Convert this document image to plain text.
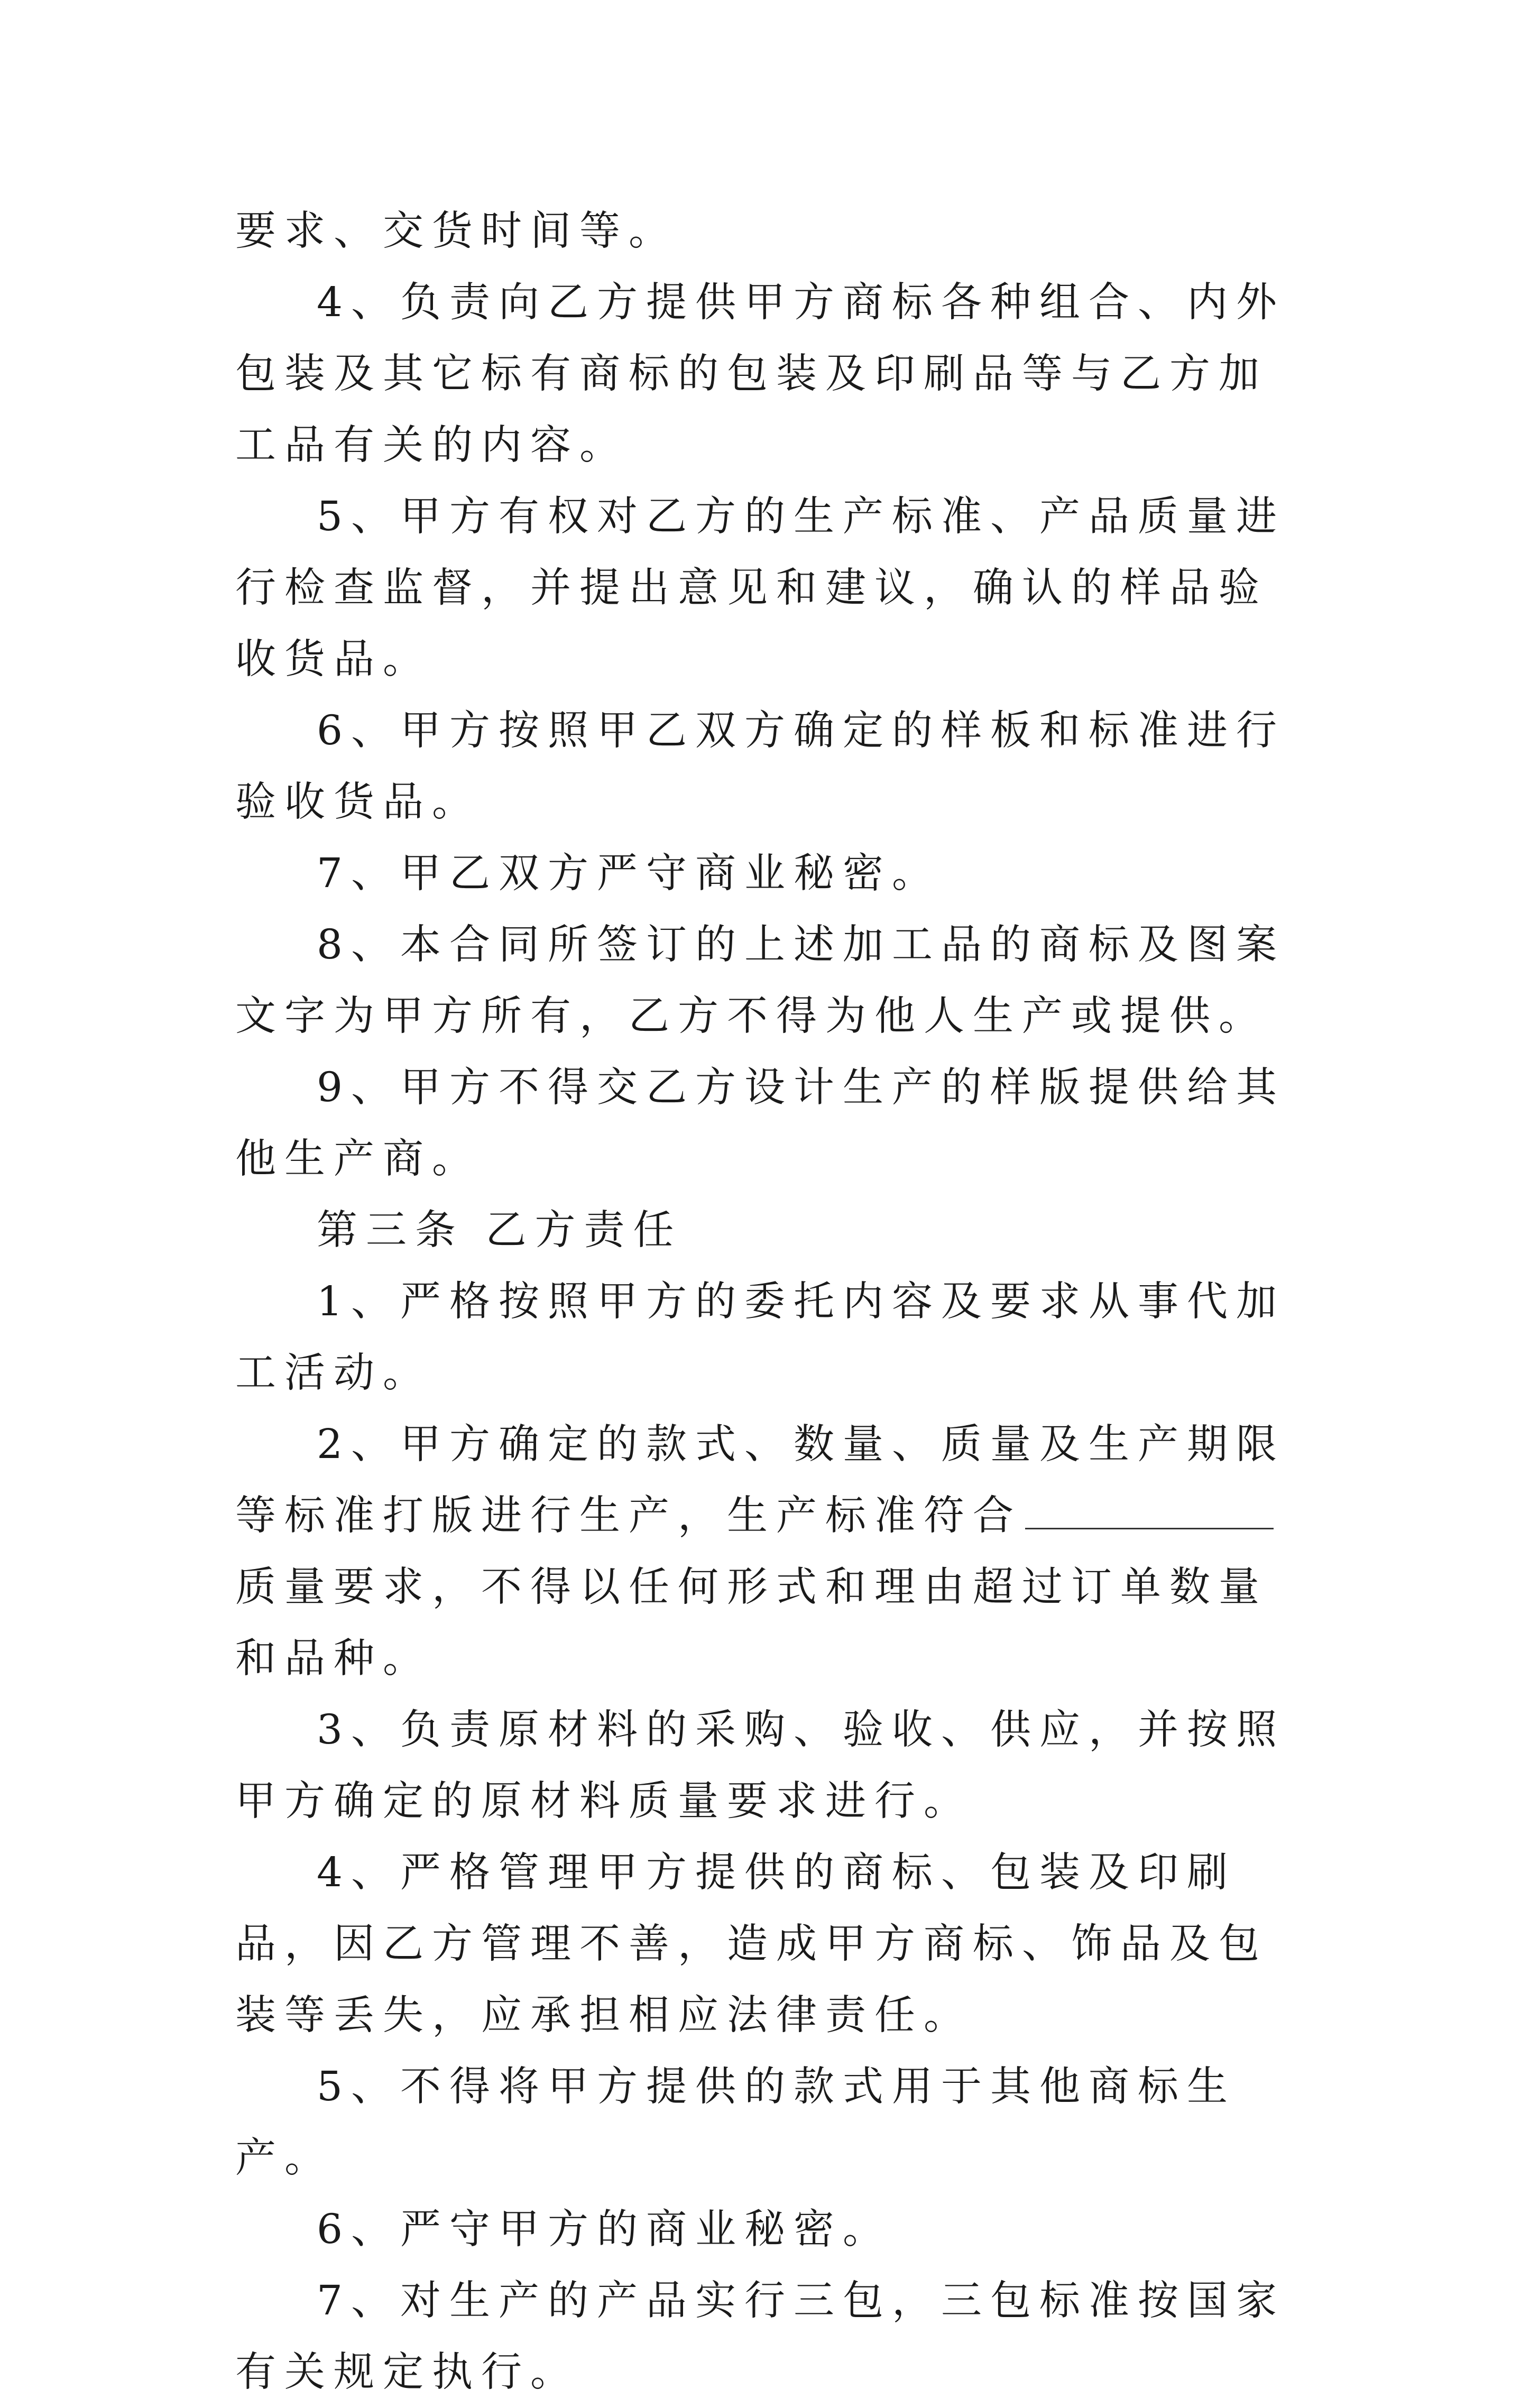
要求、交货时间等。

4、负责向乙方提供甲方商标各种组合、内外包装及其它标有商标的包装及印刷品等与乙方加工品有关的内容。

5、甲方有权对乙方的生产标准、产品质量进行检查监督，并提出意见和建议，确认的样品验收货品。

6、甲方按照甲乙双方确定的样板和标准进行验收货品。

7、甲乙双方严守商业秘密。

8、本合同所签订的上述加工品的商标及图案文字为甲方所有，乙方不得为他人生产或提供。

9、甲方不得交乙方设计生产的样版提供给其他生产商。

第三条 乙方责任

1、严格按照甲方的委托内容及要求从事代加工活动。

2、甲方确定的款式、数量、质量及生产期限等标准打版进行生产，生产标准符合质量要求，不得以任何形式和理由超过订单数量和品种。

3、负责原材料的采购、验收、供应，并按照甲方确定的原材料质量要求进行。

4、严格管理甲方提供的商标、包装及印刷品，因乙方管理不善，造成甲方商标、饰品及包装等丢失，应承担相应法律责任。

5、不得将甲方提供的款式用于其他商标生产。

6、严守甲方的商业秘密。

7、对生产的产品实行三包，三包标准按国家有关规定执行。
